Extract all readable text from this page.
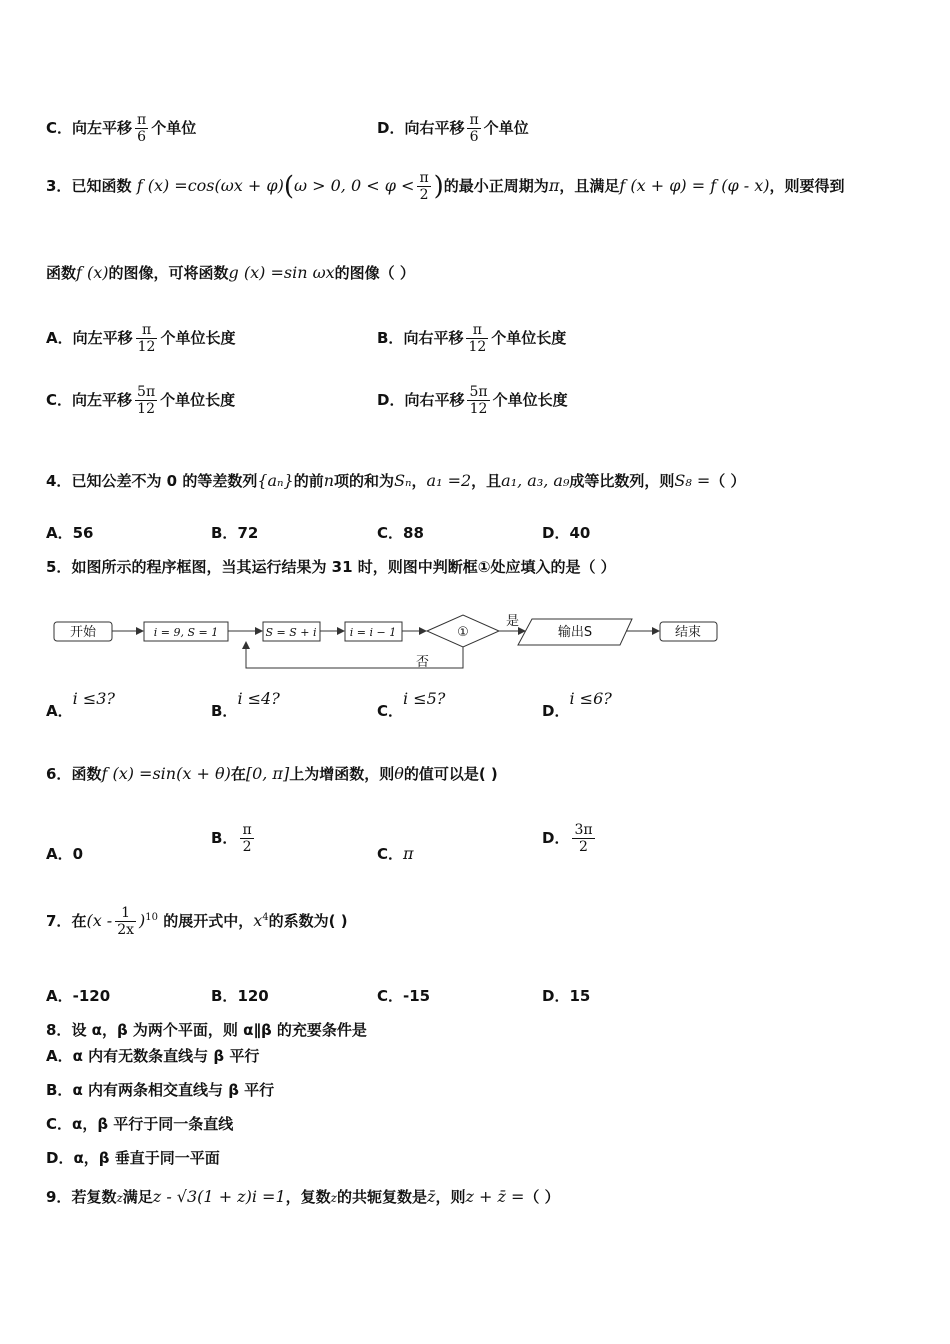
C．向左平移 $\frac{\pi}{6}$ 个单位	D．向右平移 $\frac{\pi}{6}$ 个单位
3．已知函数 f (x) =cos(ωx + φ)(ω > 0, $0 < \varphi < \frac{\pi}{2}$ )的最小正周期为π，且满足f (x + φ) = f (φ - x)，则要得到
函数f (x)的图像，可将函数g (x) =sin ωx的图像（ ）
A．向左平移 $\frac{\pi}{12}$ 个单位长度	B．向右平移 $\frac{\pi}{12}$ 个单位长度
C．向左平移 $\frac{5\pi}{12}$ 个单位长度	D．向右平移 $\frac{5\pi}{12}$ 个单位长度
4．已知公差不为 0 的等差数列{aₙ}的前n项的和为Sₙ，a₁ =2，且a₁, a₃, a₉成等比数列，则S₈ =（ ）
A．56	B．72	C．88	D．40
5．如图所示的程序框图，当其运行结果为 31 时，则图中判断框①处应填入的是（ ）
开始	i = 9, S = 1	S = S + i	i = i − 1	①
是
输出S	结束
否
A．i ≤3?
B．i ≤4?
C．i ≤5?
D．i ≤6?
6．函数f (x) =sin(x + θ)在[0, π]上为增函数，则θ的值可以是( )
A．0
B． $\frac{\pi}{2}$	C．π
D． $\frac{3\pi}{2}$
7．在$(x - \frac{1}{2x} )^{10}$ 的展开式中，$x^4$的系数为( )
A．-120	B．120	C．-15	D．15
8．设 α，β 为两个平面，则 α∥β 的充要条件是
A．α 内有无数条直线与 β 平行
B．α 内有两条相交直线与 β 平行
C．α，β 平行于同一条直线
D．α，β 垂直于同一平面
9．若复数z满足z - √3(1 + z)i =1，复数z的共轭复数是z̄，则z + z̄ =（ ）
